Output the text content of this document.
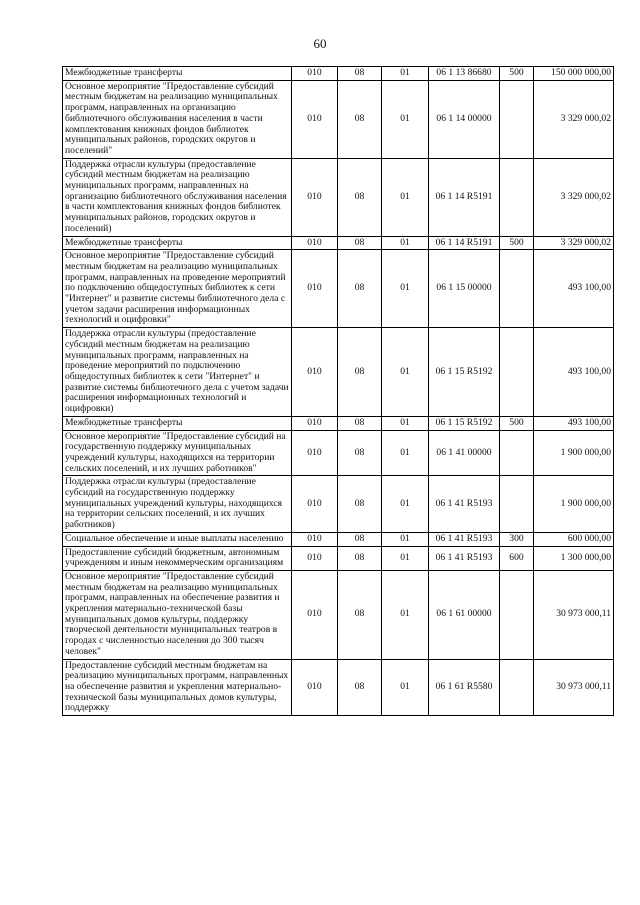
60
Межбюджетные трансферты	010	08	01	06 1 13 86680	500	150 000 000,00
Основное мероприятие "Предоставление субсидий местным бюджетам на реализацию муниципальных программ, направленных на организацию библиотечного обслуживания населения в части комплектования книжных фондов библиотек муниципальных районов, городских округов и поселений"	010	08	01	06 1 14 00000		3 329 000,02
Поддержка отрасли культуры (предоставление субсидий местным бюджетам на реализацию муниципальных программ, направленных на организацию библиотечного обслуживания населения в части комплектования книжных фондов библиотек муниципальных районов, городских округов и поселений)	010	08	01	06 1 14 R5191		3 329 000,02
Межбюджетные трансферты	010	08	01	06 1 14 R5191	500	3 329 000,02
Основное мероприятие "Предоставление субсидий местным бюджетам на реализацию муниципальных программ, направленных на проведение мероприятий по подключению общедоступных библиотек к сети "Интернет" и развитие системы библиотечного дела с учетом задачи расширения информационных технологий и оцифровки"	010	08	01	06 1 15 00000		493 100,00
Поддержка отрасли культуры (предоставление субсидий местным бюджетам на реализацию муниципальных программ, направленных на проведение мероприятий по подключению общедоступных библиотек к сети "Интернет" и развитие системы библиотечного дела с учетом задачи расширения информационных технологий и оцифровки)	010	08	01	06 1 15 R5192		493 100,00
Межбюджетные трансферты	010	08	01	06 1 15 R5192	500	493 100,00
Основное мероприятие "Предоставление субсидий на государственную поддержку муниципальных учреждений культуры, находящихся на территории сельских поселений, и их лучших работников"	010	08	01	06 1 41 00000		1 900 000,00
Поддержка отрасли культуры (предоставление субсидий на государственную поддержку муниципальных учреждений культуры, находящихся на территории сельских поселений, и их лучших работников)	010	08	01	06 1 41 R5193		1 900 000,00
Социальное обеспечение и иные выплаты населению	010	08	01	06 1 41 R5193	300	600 000,00
Предоставление субсидий бюджетным, автономным учреждениям и иным некоммерческим организациям	010	08	01	06 1 41 R5193	600	1 300 000,00
Основное мероприятие "Предоставление субсидий местным бюджетам на реализацию муниципальных программ, направленных на обеспечение развития и укрепления материально-технической базы муниципальных домов культуры, поддержку творческой деятельности муниципальных театров в городах с численностью населения до 300 тысяч человек"	010	08	01	06 1 61 00000		30 973 000,11
Предоставление субсидий местным бюджетам на реализацию муниципальных программ, направленных на обеспечение развития и укрепления материально-технической базы муниципальных домов культуры, поддержку	010	08	01	06 1 61 R5580		30 973 000,11
